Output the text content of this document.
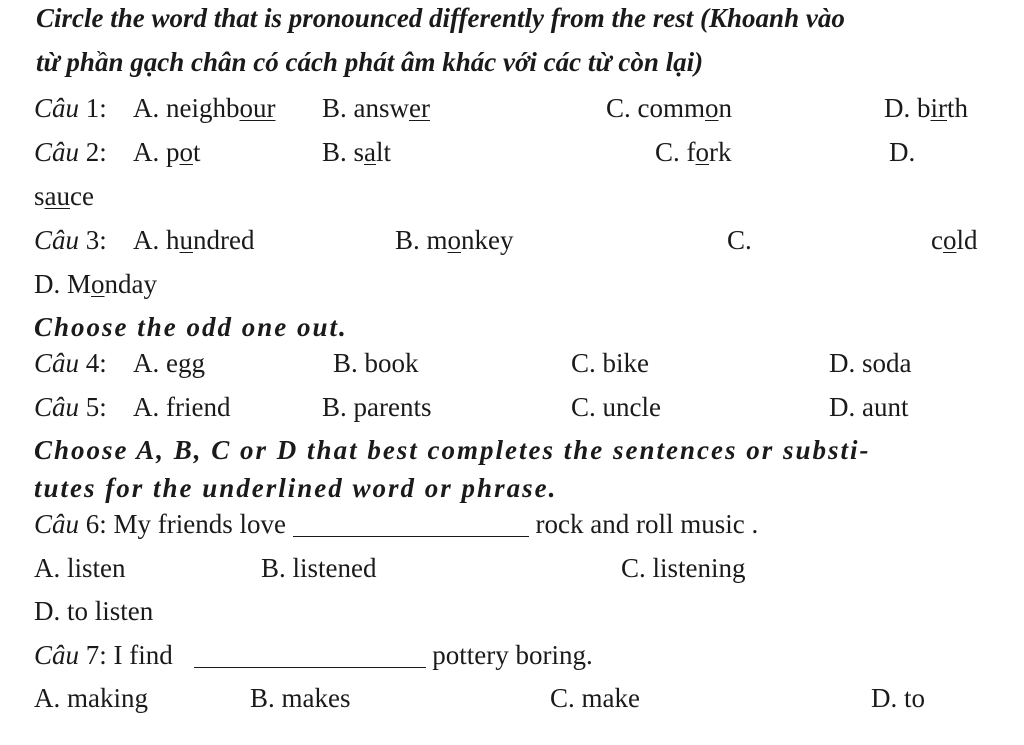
Circle the word that is pronounced differently from the rest (Khoanh vào
từ phần gạch chân có cách phát âm khác với các từ còn lại)
Câu 1: A. neighbour B. answer	C. common	D. birth
Câu 2: A. pot	B. salt	C. fork	D.
sauce
Câu 3: A. hundred	B. monkey	C.	cold
D. Monday
Choose the odd one out.
Câu 4: A. egg	B. book	C. bike	D. soda
Câu 5: A. friend	B. parents	C. uncle	D. aunt
Choose A, B, C or D that best completes the sentences or substi-
tutes for the underlined word or phrase.
Câu 6: My friends love	rock and roll music .
A. listen	B. listened	C. listening
D. to listen
Câu 7: I find	pottery boring.
A. making	B. makes	C. make	D. to
